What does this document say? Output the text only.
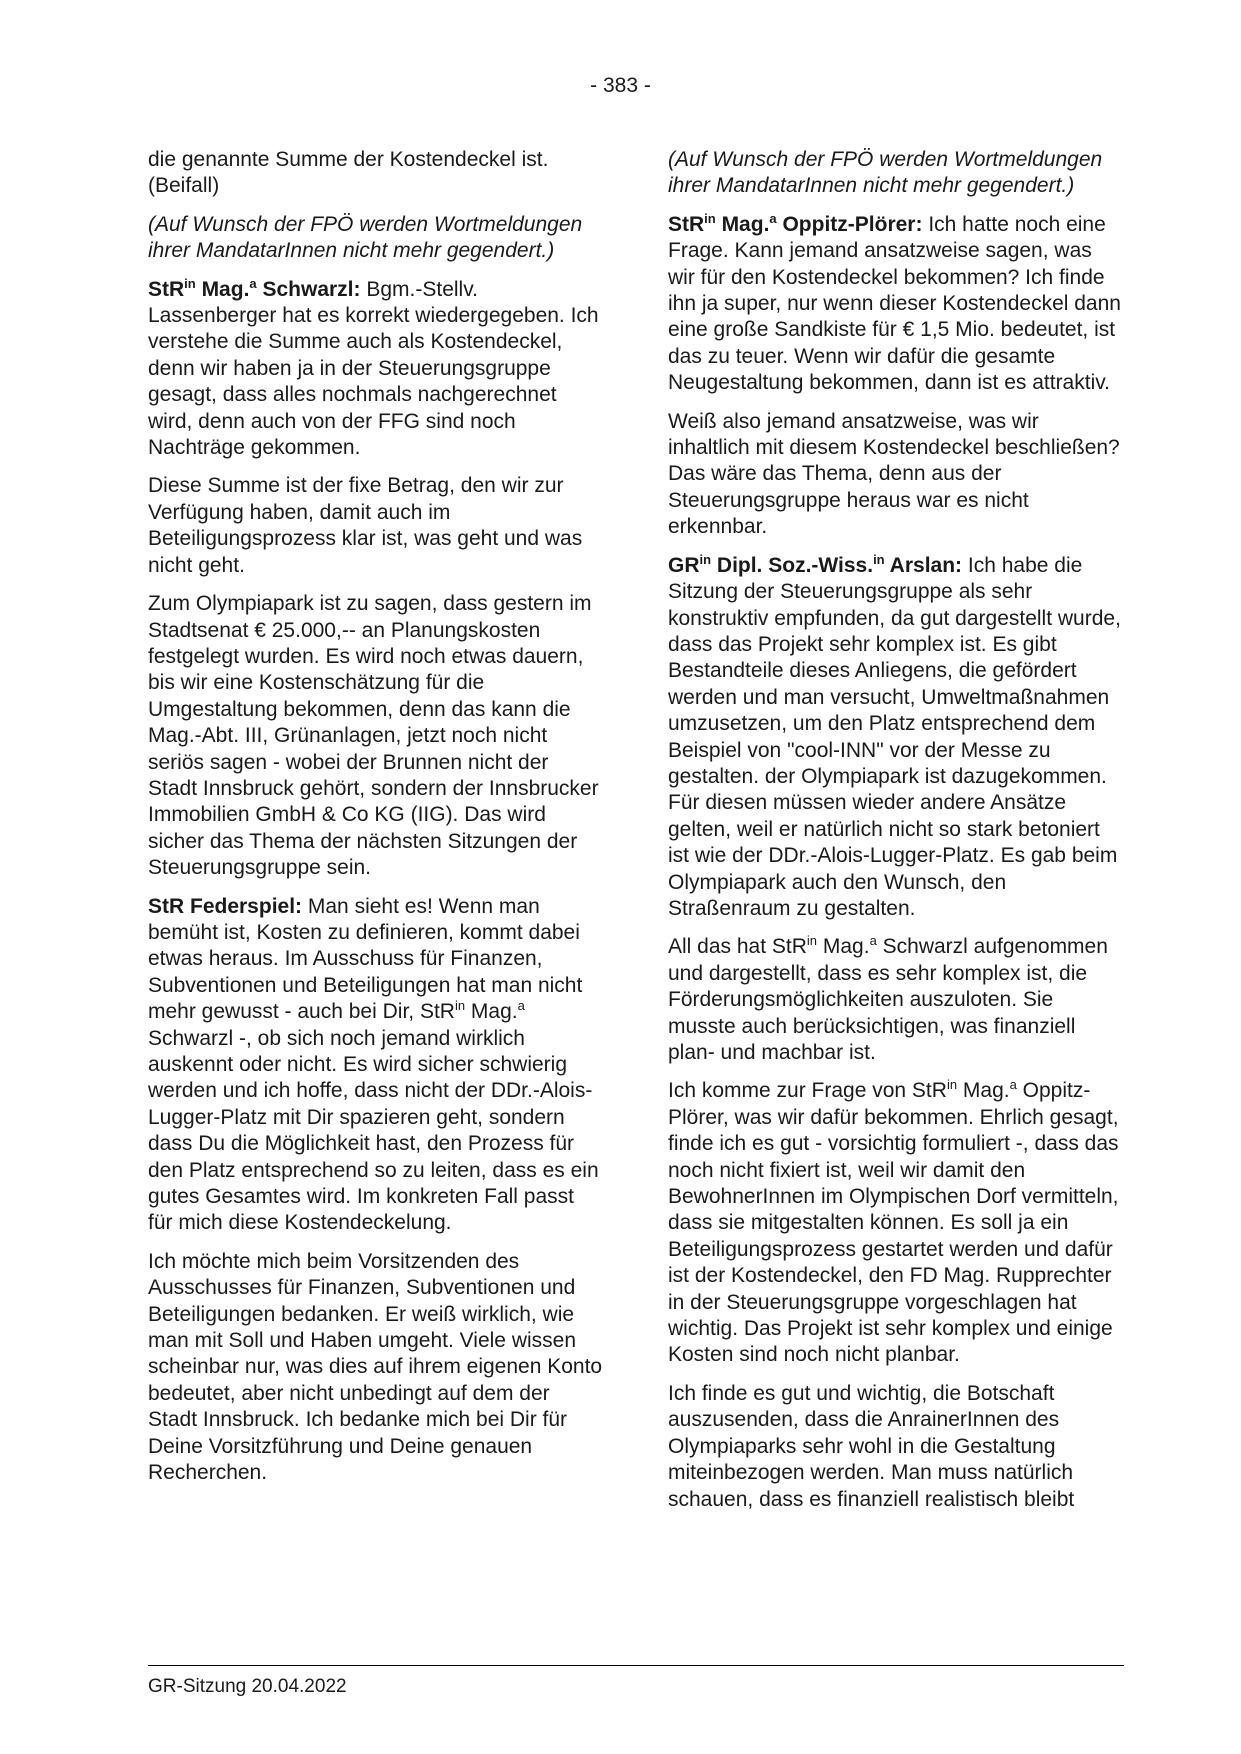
- 383 -

die genannte Summe der Kostendeckel ist. (Beifall)

(Auf Wunsch der FPÖ werden Wortmeldungen ihrer MandatarInnen nicht mehr gegendert.)

StR$^{in}$ Mag.$^a$ Schwarzl: Bgm.-Stellv. Lassenberger hat es korrekt wiedergegeben. Ich verstehe die Summe auch als Kostendeckel, denn wir haben ja in der Steuerungsgruppe gesagt, dass alles nochmals nachgerechnet wird, denn auch von der FFG sind noch Nachträge gekommen.

Diese Summe ist der fixe Betrag, den wir zur Verfügung haben, damit auch im Beteiligungsprozess klar ist, was geht und was nicht geht.

Zum Olympiapark ist zu sagen, dass gestern im Stadtsenat € 25.000,-- an Planungskosten festgelegt wurden. Es wird noch etwas dauern, bis wir eine Kostenschätzung für die Umgestaltung bekommen, denn das kann die Mag.-Abt. III, Grünanlagen, jetzt noch nicht seriös sagen - wobei der Brunnen nicht der Stadt Innsbruck gehört, sondern der Innsbrucker Immobilien GmbH & Co KG (IIG). Das wird sicher das Thema der nächsten Sitzungen der Steuerungsgruppe sein.

StR Federspiel: Man sieht es! Wenn man bemüht ist, Kosten zu definieren, kommt dabei etwas heraus. Im Ausschuss für Finanzen, Subventionen und Beteiligungen hat man nicht mehr gewusst - auch bei Dir, StR$^{in}$ Mag.$^a$ Schwarzl -, ob sich noch jemand wirklich auskennt oder nicht. Es wird sicher schwierig werden und ich hoffe, dass nicht der DDr.-Alois-Lugger-Platz mit Dir spazieren geht, sondern dass Du die Möglichkeit hast, den Prozess für den Platz entsprechend so zu leiten, dass es ein gutes Gesamtes wird. Im konkreten Fall passt für mich diese Kostendeckelung.

Ich möchte mich beim Vorsitzenden des Ausschusses für Finanzen, Subventionen und Beteiligungen bedanken. Er weiß wirklich, wie man mit Soll und Haben umgeht. Viele wissen scheinbar nur, was dies auf ihrem eigenen Konto bedeutet, aber nicht unbedingt auf dem der Stadt Innsbruck. Ich bedanke mich bei Dir für Deine Vorsitzführung und Deine genauen Recherchen.

(Auf Wunsch der FPÖ werden Wortmeldungen ihrer MandatarInnen nicht mehr gegendert.)

StR$^{in}$ Mag.$^a$ Oppitz-Plörer: Ich hatte noch eine Frage. Kann jemand ansatzweise sagen, was wir für den Kostendeckel bekommen? Ich finde ihn ja super, nur wenn dieser Kostendeckel dann eine große Sandkiste für € 1,5 Mio. bedeutet, ist das zu teuer. Wenn wir dafür die gesamte Neugestaltung bekommen, dann ist es attraktiv.

Weiß also jemand ansatzweise, was wir inhaltlich mit diesem Kostendeckel beschließen? Das wäre das Thema, denn aus der Steuerungsgruppe heraus war es nicht erkennbar.

$GR^{in}$ Dipl. Soz.-Wiss.$^{in}$ Arslan: Ich habe die Sitzung der Steuerungsgruppe als sehr konstruktiv empfunden, da gut dargestellt wurde, dass das Projekt sehr komplex ist. Es gibt Bestandteile dieses Anliegens, die gefördert werden und man versucht, Umweltmaßnahmen umzusetzen, um den Platz entsprechend dem Beispiel von "cool-INN" vor der Messe zu gestalten. der Olympiapark ist dazugekommen. Für diesen müssen wieder andere Ansätze gelten, weil er natürlich nicht so stark betoniert ist wie der DDr.-Alois-Lugger-Platz. Es gab beim Olympiapark auch den Wunsch, den Straßenraum zu gestalten.

All das hat StR$^{in}$ Mag.$^a$ Schwarzl aufgenommen und dargestellt, dass es sehr komplex ist, die Förderungsmöglichkeiten auszuloten. Sie musste auch berücksichtigen, was finanziell plan- und machbar ist.

Ich komme zur Frage von StR$^{in}$ Mag.$^a$ Oppitz-Plörer, was wir dafür bekommen. Ehrlich gesagt, finde ich es gut - vorsichtig formuliert -, dass das noch nicht fixiert ist, weil wir damit den BewohnerInnen im Olympischen Dorf vermitteln, dass sie mitgestalten können. Es soll ja ein Beteiligungsprozess gestartet werden und dafür ist der Kostendeckel, den FD Mag. Rupprechter in der Steuerungsgruppe vorgeschlagen hat wichtig. Das Projekt ist sehr komplex und einige Kosten sind noch nicht planbar.

Ich finde es gut und wichtig, die Botschaft auszusenden, dass die AnrainerInnen des Olympiaparks sehr wohl in die Gestaltung miteinbezogen werden. Man muss natürlich schauen, dass es finanziell realistisch bleibt

GR-Sitzung 20.04.2022
